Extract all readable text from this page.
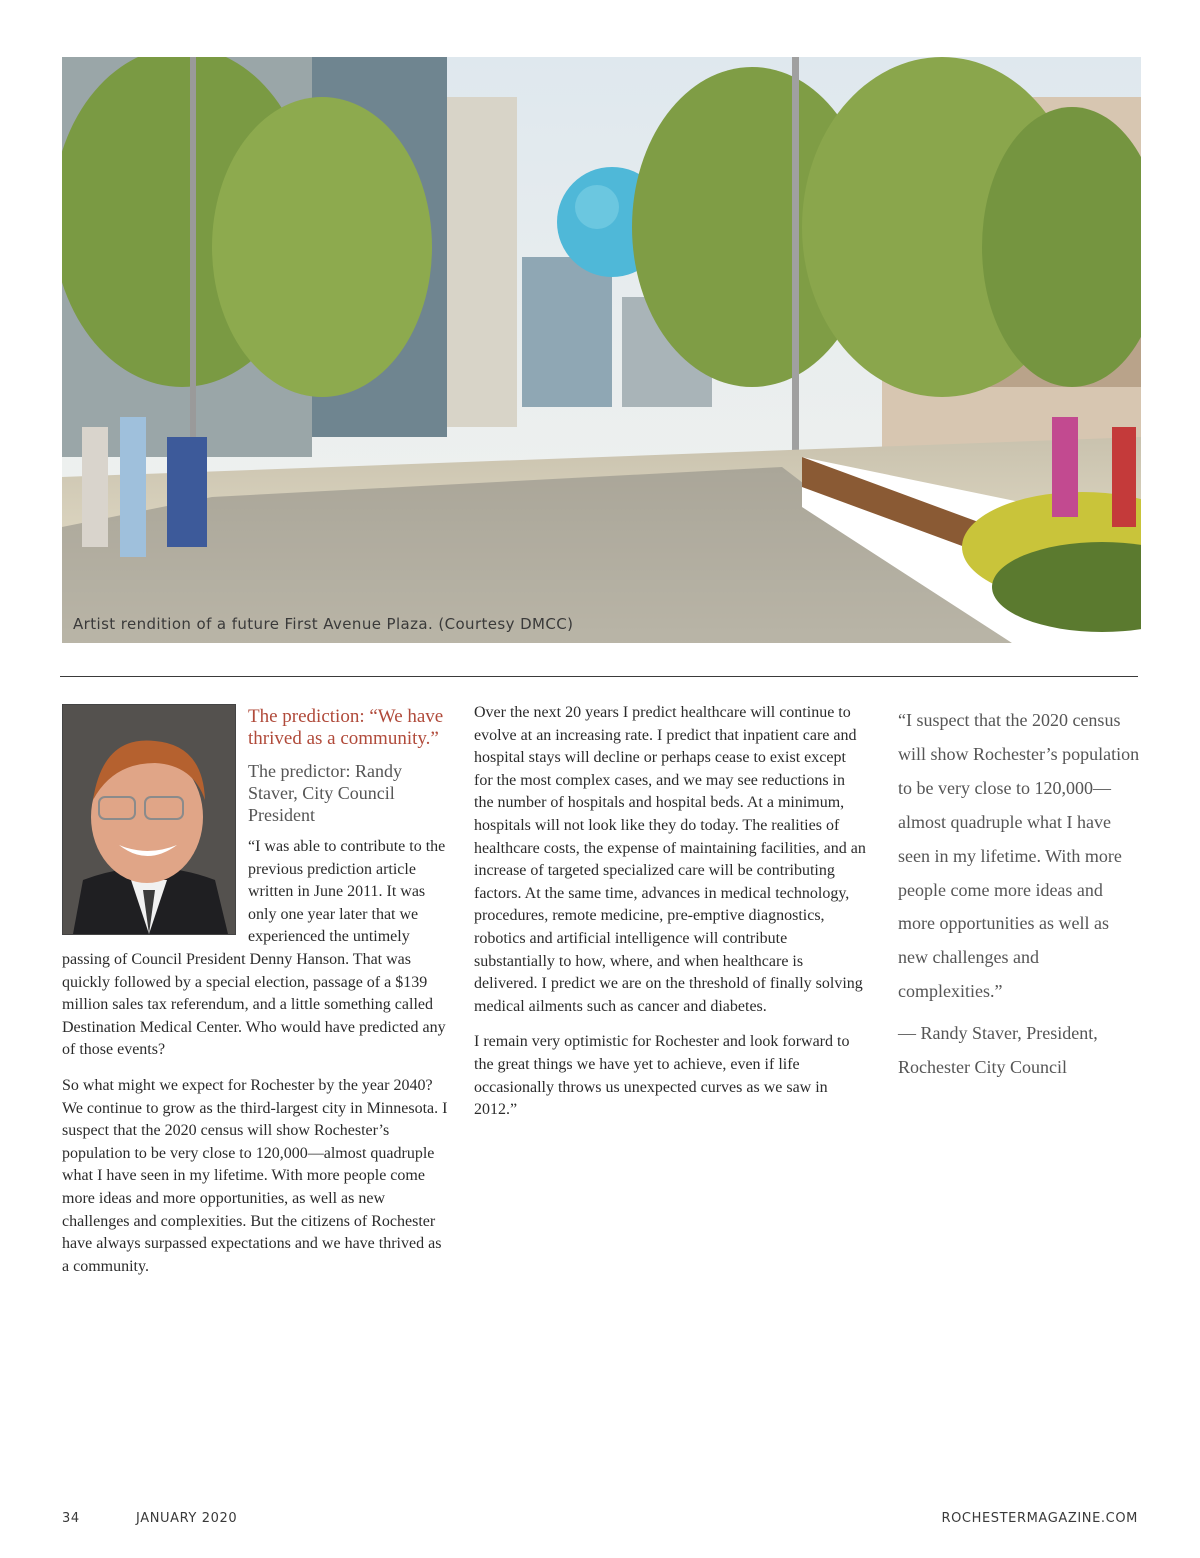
Artist rendition of a future First Avenue Plaza. (Courtesy DMCC)
The prediction: “We have thrived as a community.”
The predictor: Randy Staver, City Council President

“I was able to contribute to the previous prediction article written in June 2011. It was only one year later that we experienced the untimely passing of Council President Denny Hanson. That was quickly followed by a special election, passage of a $139 million sales tax referendum, and a little something called Destination Medical Center. Who would have predicted any of those events?

So what might we expect for Rochester by the year 2040? We continue to grow as the third-largest city in Minnesota. I suspect that the 2020 census will show Rochester’s population to be very close to 120,000—almost quadruple what I have seen in my lifetime. With more people come more ideas and more opportunities, as well as new challenges and complexities. But the citizens of Rochester have always surpassed expectations and we have thrived as a community.

Over the next 20 years I predict healthcare will continue to evolve at an increasing rate. I predict that inpatient care and hospital stays will decline or perhaps cease to exist except for the most complex cases, and we may see reductions in the number of hospitals and hospital beds. At a minimum, hospitals will not look like they do today. The realities of healthcare costs, the expense of maintaining facilities, and an increase of targeted specialized care will be contributing factors. At the same time, advances in medical technology, procedures, remote medicine, pre-emptive diagnostics, robotics and artificial intelligence will contribute substantially to how, where, and when healthcare is delivered. I predict we are on the threshold of finally solving medical ailments such as cancer and diabetes.

I remain very optimistic for Rochester and look forward to the great things we have yet to achieve, even if life occasionally throws us unexpected curves as we saw in 2012.”

“I suspect that the 2020 census will show Rochester’s population to be very close to 120,000—almost quadruple what I have seen in my lifetime. With more people come more ideas and more opportunities as well as new challenges and complexities.”

— Randy Staver, President, Rochester City Council

34	JANUARY 2020	ROCHESTERMAGAZINE.COM
